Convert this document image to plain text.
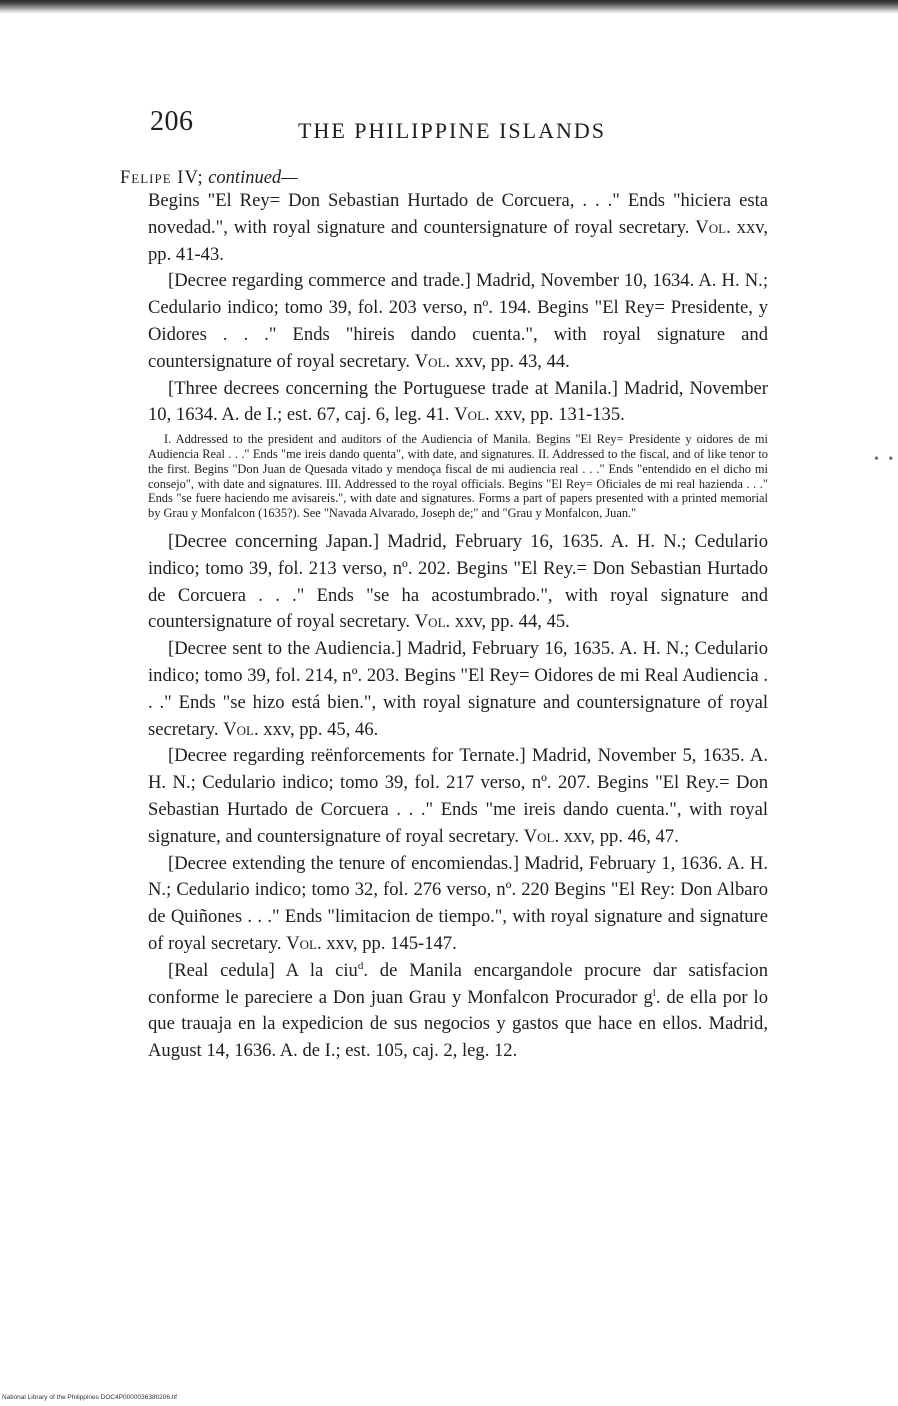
206	THE PHILIPPINE ISLANDS
Felipe IV; continued—

Begins "El Rey= Don Sebastian Hurtado de Corcuera, . . ." Ends "hiciera esta novedad.", with royal signature and countersignature of royal secretary. Vol. xxv, pp. 41-43.

[Decree regarding commerce and trade.] Madrid, November 10, 1634. A. H. N.; Cedulario indico; tomo 39, fol. 203 verso, nº. 194. Begins "El Rey= Presidente, y Oidores . . ." Ends "hireis dando cuenta.", with royal signature and countersignature of royal secretary. Vol. xxv, pp. 43, 44.

[Three decrees concerning the Portuguese trade at Manila.] Madrid, November 10, 1634. A. de I.; est. 67, caj. 6, leg. 41. Vol. xxv, pp. 131-135.

I. Addressed to the president and auditors of the Audiencia of Manila. Begins "El Rey= Presidente y oidores de mi Audiencia Real . . ." Ends "me ireis dando quenta", with date, and signatures. II. Addressed to the fiscal, and of like tenor to the first. Begins "Don Juan de Quesada vitado y mendoça fiscal de mi audiencia real . . ." Ends "entendido en el dicho mi consejo", with date and signatures. III. Addressed to the royal officials. Begins "El Rey= Oficiales de mi real hazienda . . ." Ends "se fuere haciendo me avisareis.", with date and signatures. Forms a part of papers presented with a printed memorial by Grau y Monfalcon (1635?). See "Navada Alvarado, Joseph de;" and "Grau y Monfalcon, Juan."

[Decree concerning Japan.] Madrid, February 16, 1635. A. H. N.; Cedulario indico; tomo 39, fol. 213 verso, nº. 202. Begins "El Rey.= Don Sebastian Hurtado de Corcuera . . ." Ends "se ha acostumbrado.", with royal signature and countersignature of royal secretary. Vol. xxv, pp. 44, 45.

[Decree sent to the Audiencia.] Madrid, February 16, 1635. A. H. N.; Cedulario indico; tomo 39, fol. 214, nº. 203. Begins "El Rey= Oidores de mi Real Audiencia . . ." Ends "se hizo está bien.", with royal signature and countersignature of royal secretary. Vol. xxv, pp. 45, 46.

[Decree regarding reënforcements for Ternate.] Madrid, November 5, 1635. A. H. N.; Cedulario indico; tomo 39, fol. 217 verso, nº. 207. Begins "El Rey.= Don Sebastian Hurtado de Corcuera . . ." Ends "me ireis dando cuenta.", with royal signature, and countersignature of royal secretary. Vol. xxv, pp. 46, 47.

[Decree extending the tenure of encomiendas.] Madrid, February 1, 1636. A. H. N.; Cedulario indico; tomo 32, fol. 276 verso, nº. 220 Begins "El Rey: Don Albaro de Quiñones . . ." Ends "limitacion de tiempo.", with royal signature and signature of royal secretary. Vol. xxv, pp. 145-147.

[Real cedula] A la ciu$^d$. de Manila encargandole procure dar satisfacion conforme le pareciere a Don juan Grau y Monfalcon Procurador $g^l$. de ella por lo que trauaja en la expedicion de sus negocios y gastos que hace en ellos. Madrid, August 14, 1636. A. de I.; est. 105, caj. 2, leg. 12.

• •
National Library of the Philippines DOC4P0000036380206.tif
